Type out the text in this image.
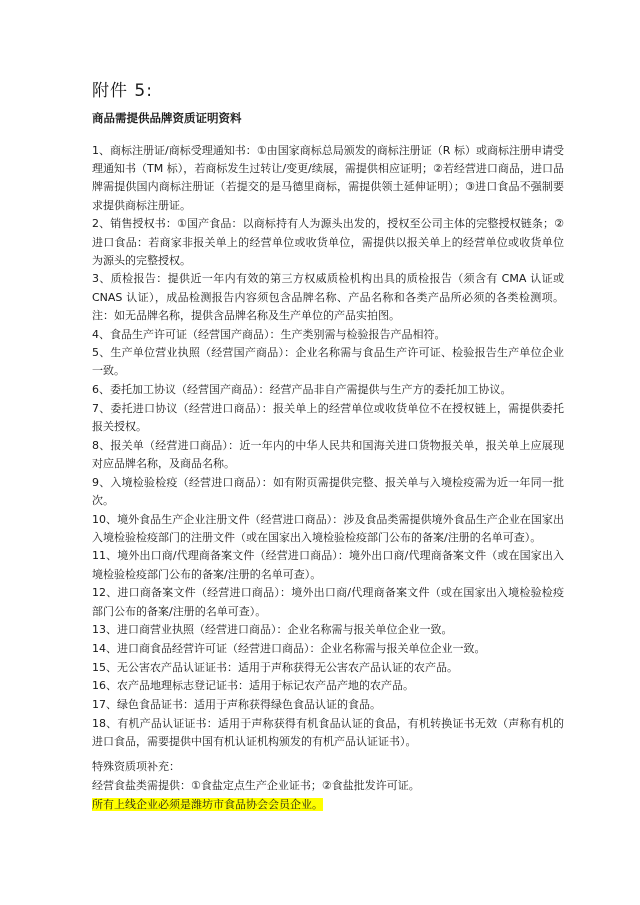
附件 5:
商品需提供品牌资质证明资料

1、商标注册证/商标受理通知书：①由国家商标总局颁发的商标注册证（R 标）或商标注册申请受理通知书（TM 标），若商标发生过转让/变更/续展，需提供相应证明；②若经营进口商品，进口品牌需提供国内商标注册证（若提交的是马德里商标，需提供领土延伸证明）；③进口食品不强制要求提供商标注册证。

2、销售授权书：①国产食品：以商标持有人为源头出发的，授权至公司主体的完整授权链条；②进口食品：若商家非报关单上的经营单位或收货单位，需提供以报关单上的经营单位或收货单位为源头的完整授权。

3、质检报告：提供近一年内有效的第三方权威质检机构出具的质检报告（须含有 CMA 认证或 CNAS 认证），成品检测报告内容须包含品牌名称、产品名称和各类产品所必须的各类检测项。注：如无品牌名称，提供含品牌名称及生产单位的产品实拍图。

4、食品生产许可证（经营国产商品）：生产类别需与检验报告产品相符。

5、生产单位营业执照（经营国产商品）：企业名称需与食品生产许可证、检验报告生产单位企业一致。

6、委托加工协议（经营国产商品）：经营产品非自产需提供与生产方的委托加工协议。

7、委托进口协议（经营进口商品）：报关单上的经营单位或收货单位不在授权链上，需提供委托报关授权。

8、报关单（经营进口商品）：近一年内的中华人民共和国海关进口货物报关单，报关单上应展现对应品牌名称，及商品名称。

9、入境检验检疫（经营进口商品）：如有附页需提供完整、报关单与入境检疫需为近一年同一批次。

10、境外食品生产企业注册文件（经营进口商品）：涉及食品类需提供境外食品生产企业在国家出入境检验检疫部门的注册文件（或在国家出入境检验检疫部门公布的备案/注册的名单可查）。

11、境外出口商/代理商备案文件（经营进口商品）：境外出口商/代理商备案文件（或在国家出入境检验检疫部门公布的备案/注册的名单可查）。

12、进口商备案文件（经营进口商品）：境外出口商/代理商备案文件（或在国家出入境检验检疫部门公布的备案/注册的名单可查）。

13、进口商营业执照（经营进口商品）：企业名称需与报关单位企业一致。

14、进口商食品经营许可证（经营进口商品）：企业名称需与报关单位企业一致。

15、无公害农产品认证证书：适用于声称获得无公害农产品认证的农产品。

16、农产品地理标志登记证书：适用于标记农产品产地的农产品。

17、绿色食品证书：适用于声称获得绿色食品认证的食品。

18、有机产品认证证书：适用于声称获得有机食品认证的食品，有机转换证书无效（声称有机的进口食品，需要提供中国有机认证机构颁发的有机产品认证证书）。

特殊资质项补充：

经营食盐类需提供：①食盐定点生产企业证书；②食盐批发许可证。

所有上线企业必须是潍坊市食品协会会员企业。
